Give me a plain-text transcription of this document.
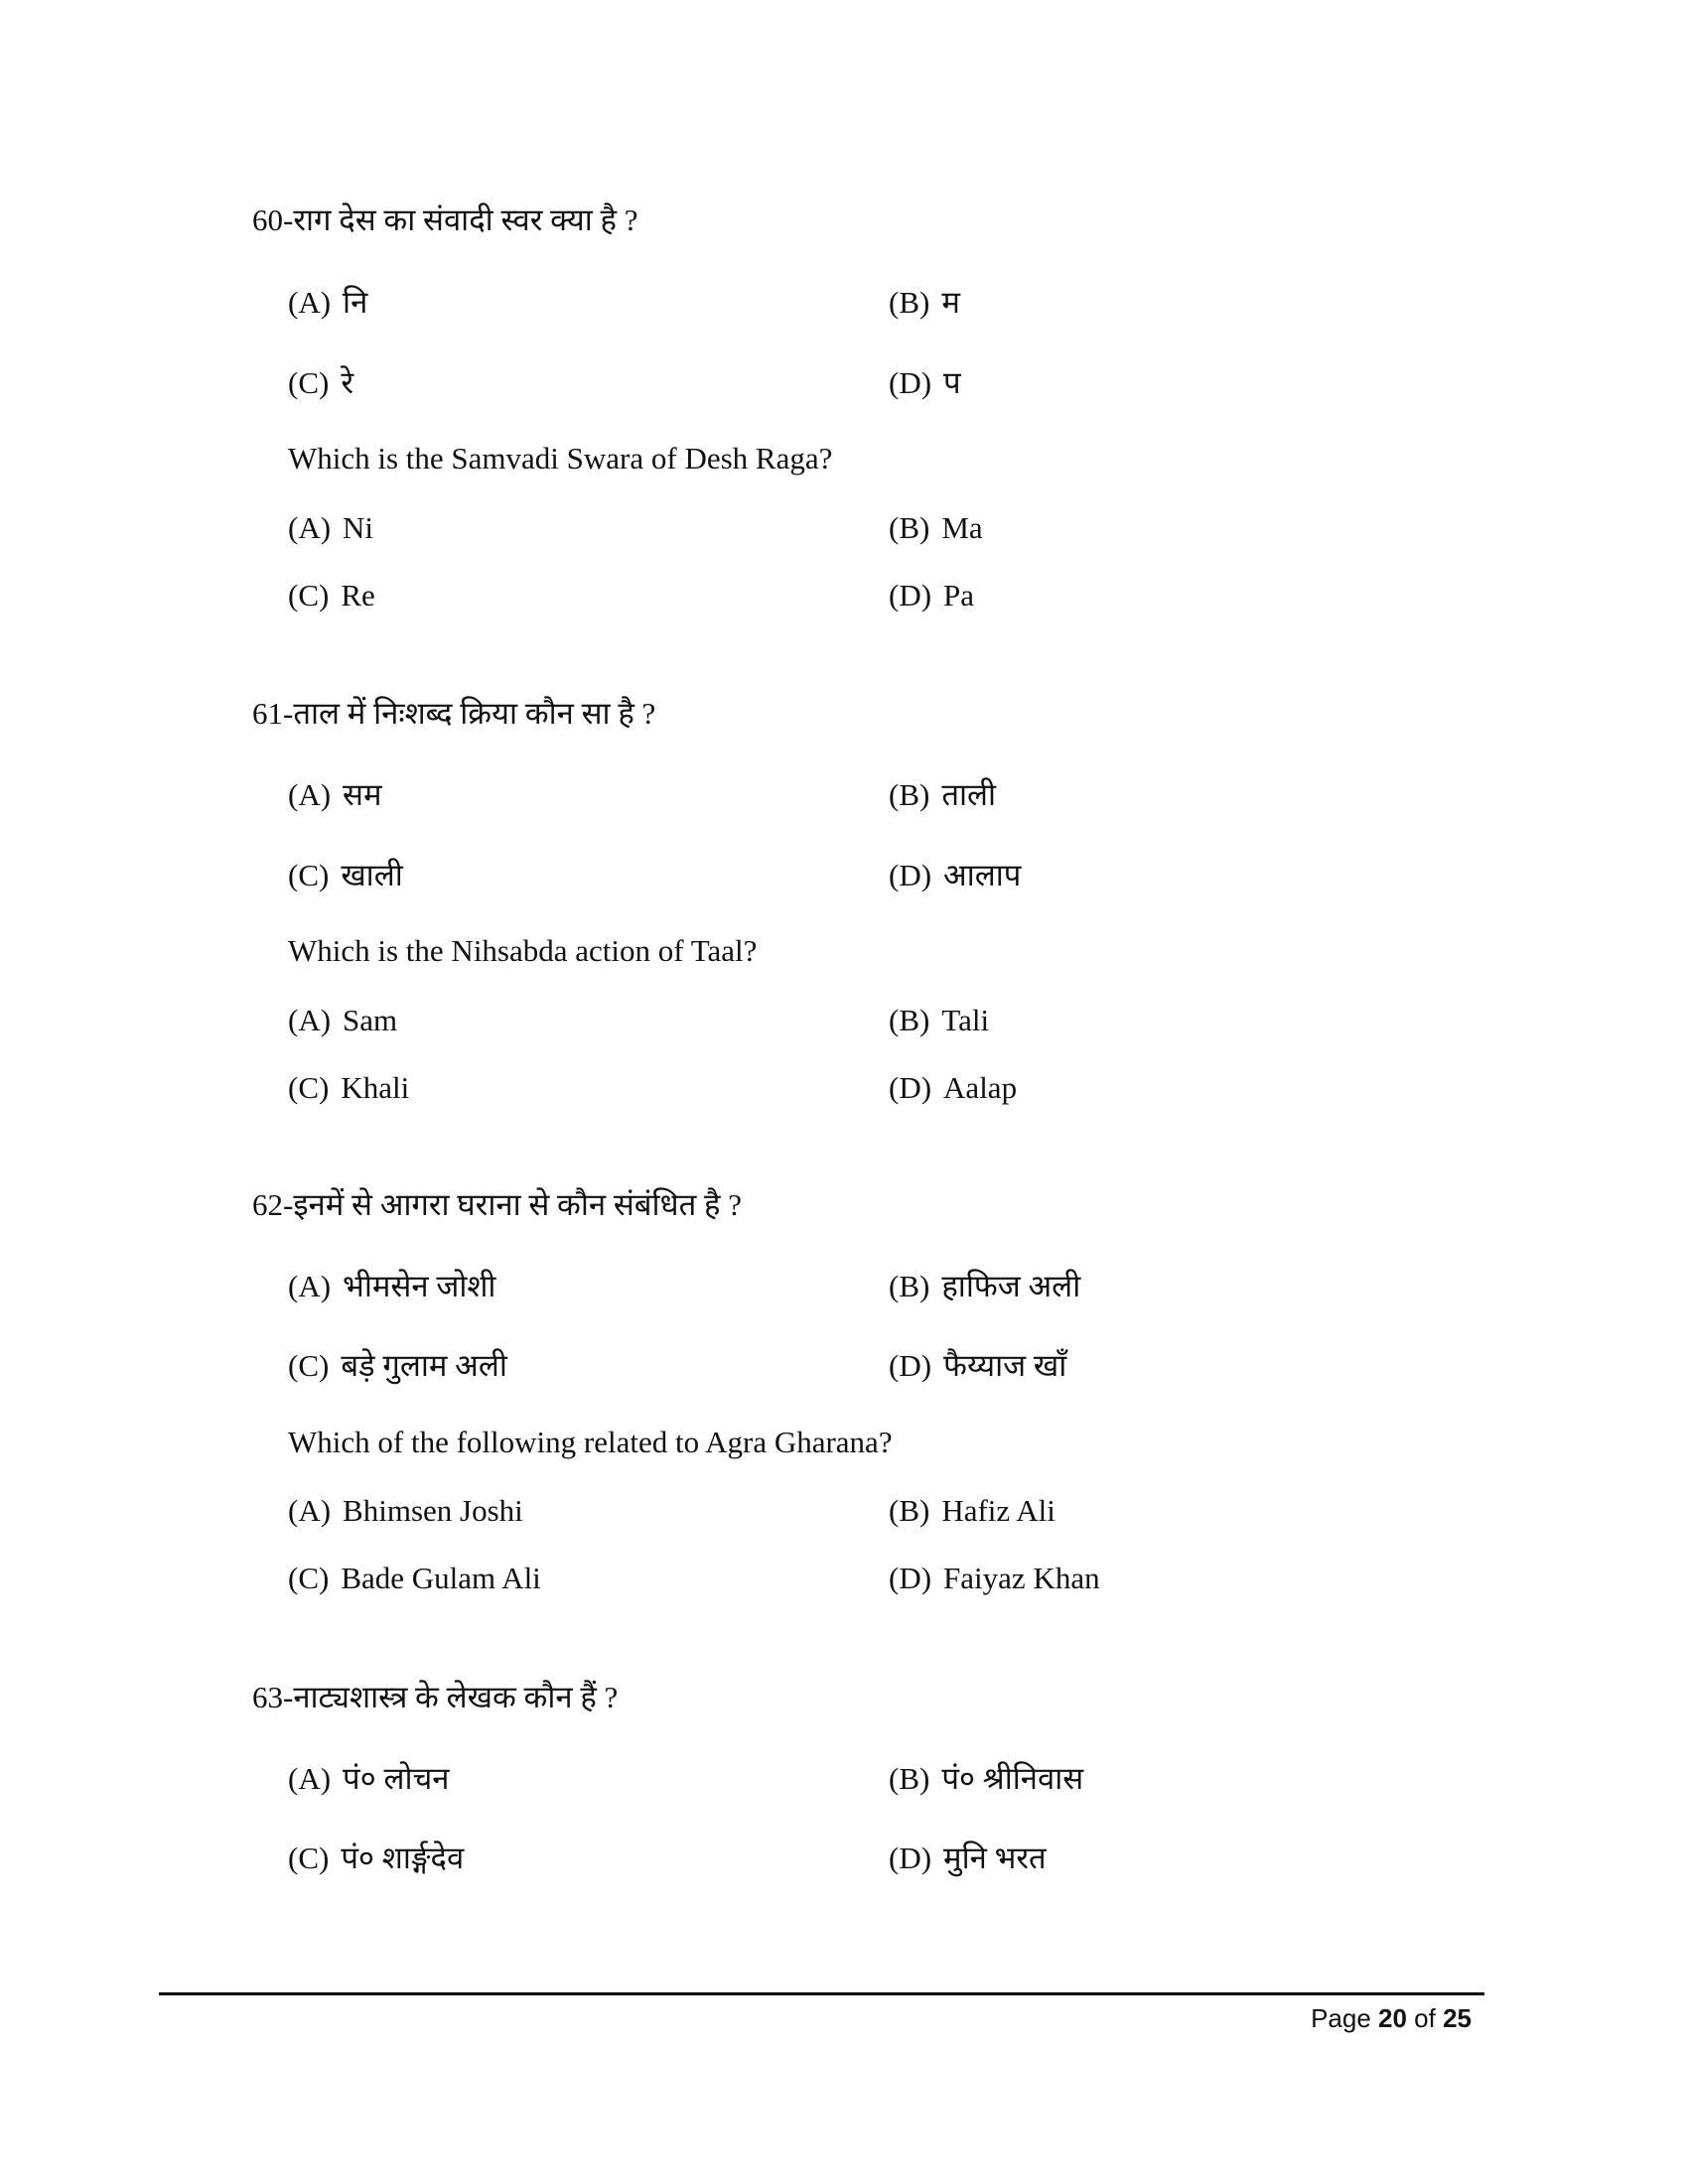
60-राग देस का संवादी स्वर क्या है ?
(A) नि	(B) म
(C) रे	(D) प
Which is the Samvadi Swara of Desh Raga?
(A) Ni	(B) Ma
(C) Re	(D) Pa
61-ताल में निःशब्द क्रिया कौन सा है ?
(A) सम	(B) ताली
(C) खाली	(D) आलाप
Which is the Nihsabda action of Taal?
(A) Sam	(B) Tali
(C) Khali	(D) Aalap
62-इनमें से आगरा घराना से कौन संबंधित है ?
(A) भीमसेन जोशी	(B) हाफिज अली
(C) बड़े गुलाम अली	(D) फैय्याज खाँ
Which of the following related to Agra Gharana?
(A) Bhimsen Joshi	(B) Hafiz Ali
(C) Bade Gulam Ali	(D) Faiyaz Khan
63-नाट्यशास्त्र के लेखक कौन हैं ?
(A) पं० लोचन	(B) पं० श्रीनिवास
(C) पं० शार्ङ्गदेव	(D) मुनि भरत
Page 20 of 25
